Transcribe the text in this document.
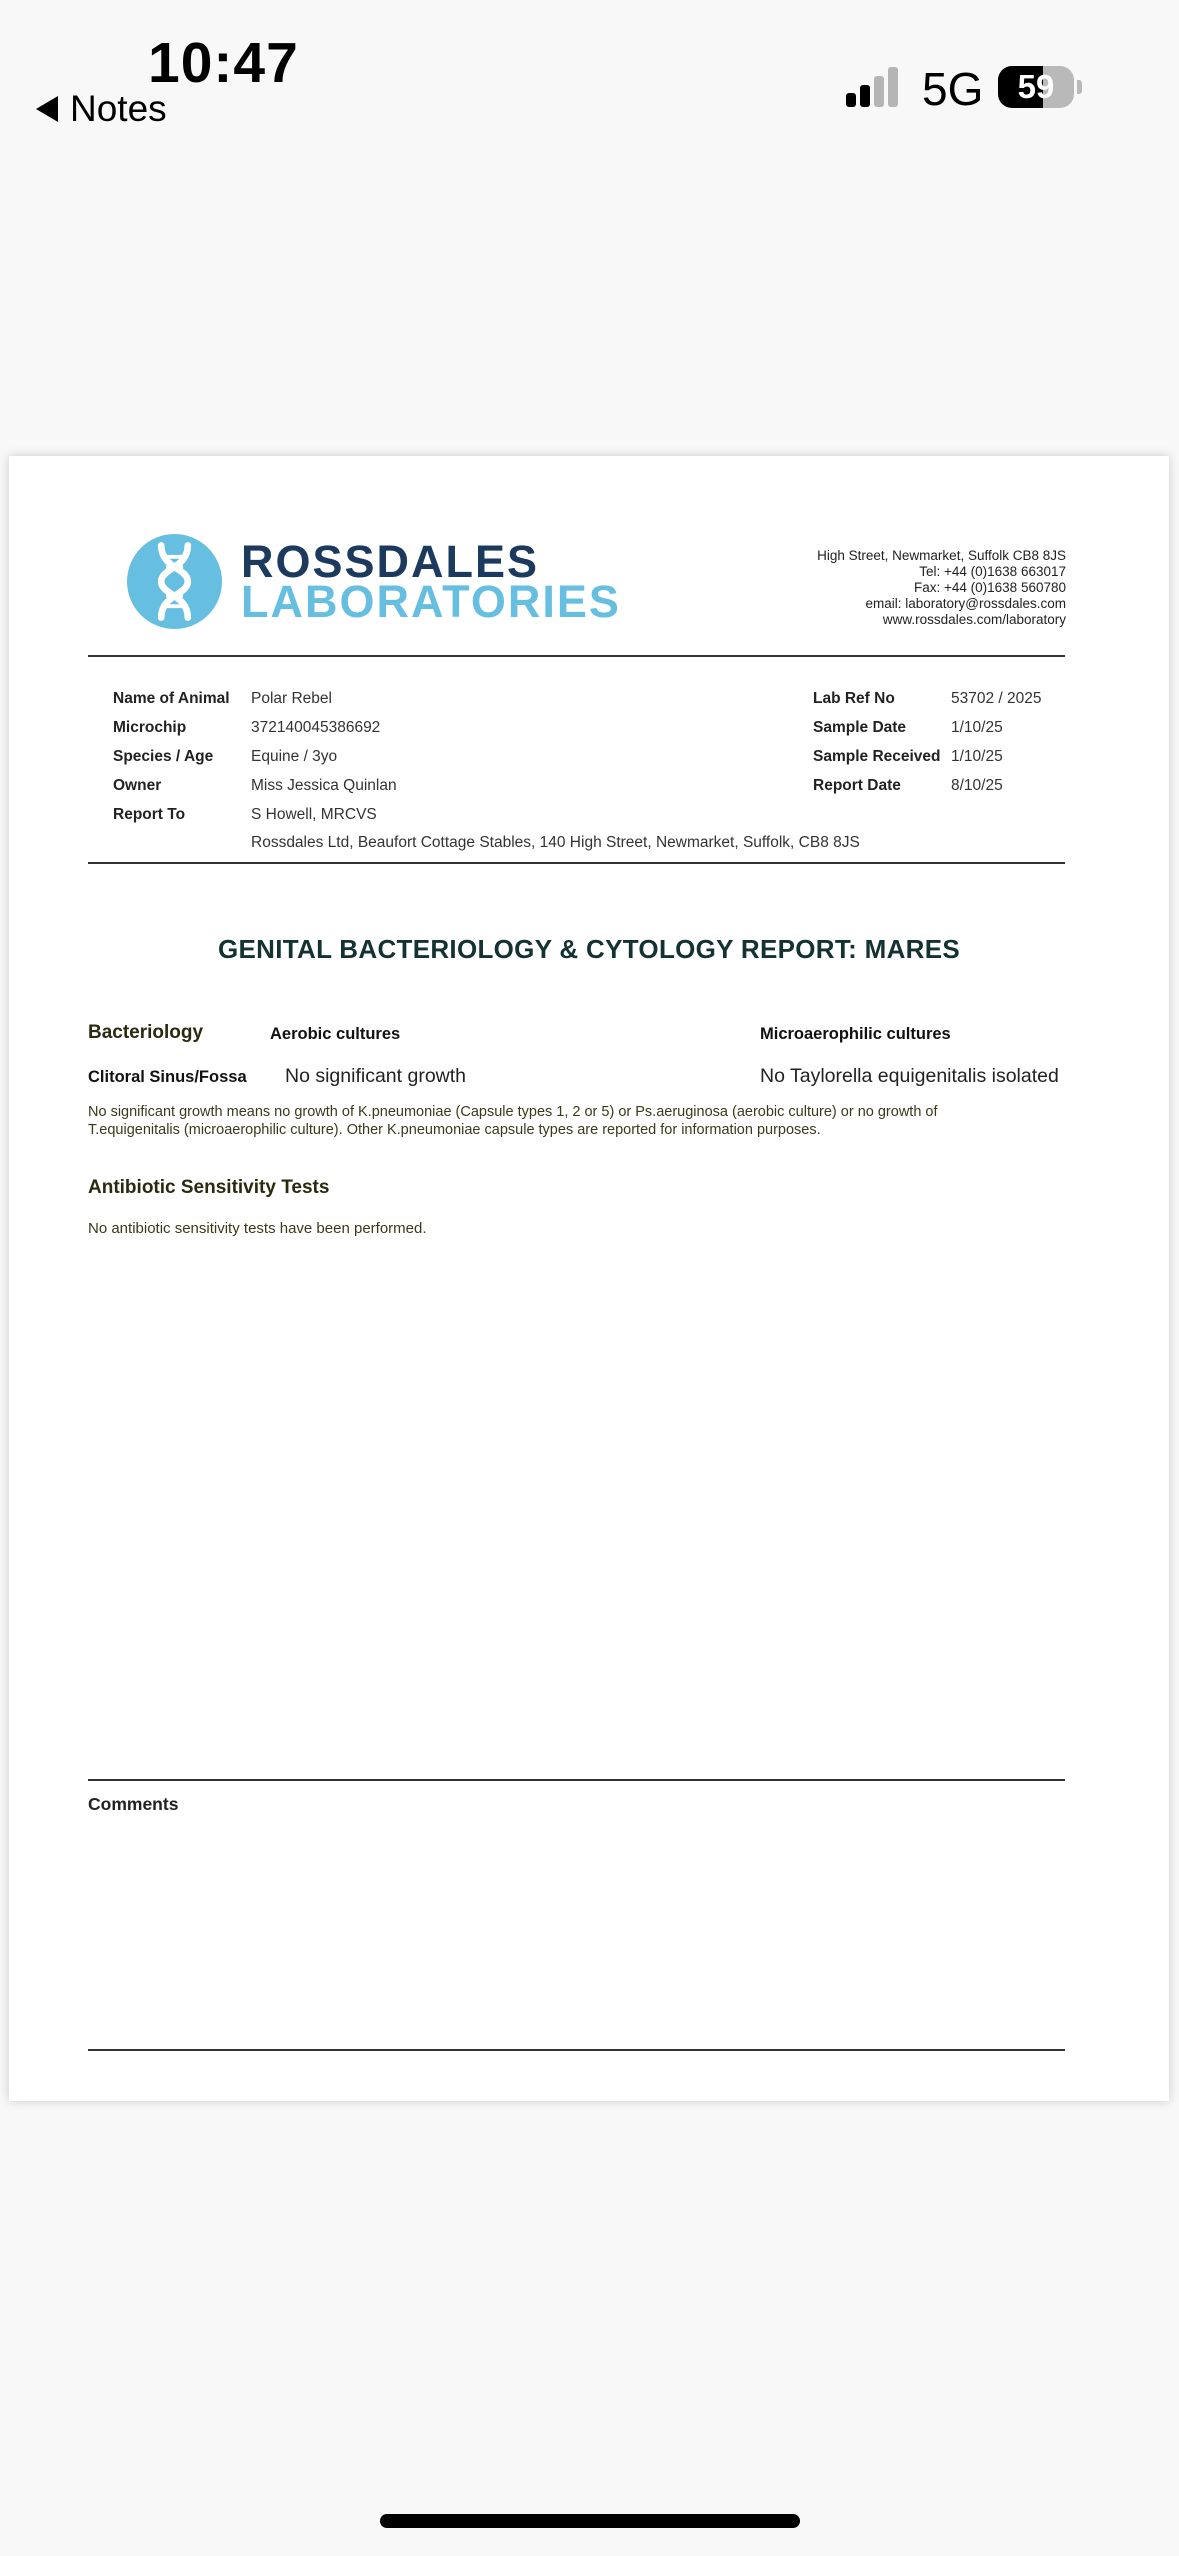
10:47
Notes	5G	59
ROSSDALES
LABORATORIES
High Street, Newmarket, Suffolk CB8 8JS
Tel: +44 (0)1638 663017
Fax: +44 (0)1638 560780
email: laboratory@rossdales.com
www.rossdales.com/laboratory
Name of Animal Polar Rebel
Microchip	372140045386692
Species / Age Equine / 3yo
Owner	Miss Jessica Quinlan
Report To	S Howell, MRCVS
Rossdales Ltd, Beaufort Cottage Stables, 140 High Street, Newmarket, Suffolk, CB8 8JS
Lab Ref No	53702 / 2025
Sample Date	1/10/25
Sample Received 1/10/25
Report Date	8/10/25
GENITAL BACTERIOLOGY & CYTOLOGY REPORT: MARES
Bacteriology	Aerobic cultures	Microaerophilic cultures
Clitoral Sinus/Fossa No significant growth	No Taylorella equigenitalis isolated
No significant growth means no growth of K.pneumoniae (Capsule types 1, 2 or 5) or Ps.aeruginosa (aerobic culture) or no growth of
T.equigenitalis (microaerophilic culture). Other K.pneumoniae capsule types are reported for information purposes.
Antibiotic Sensitivity Tests
No antibiotic sensitivity tests have been performed.
Comments
